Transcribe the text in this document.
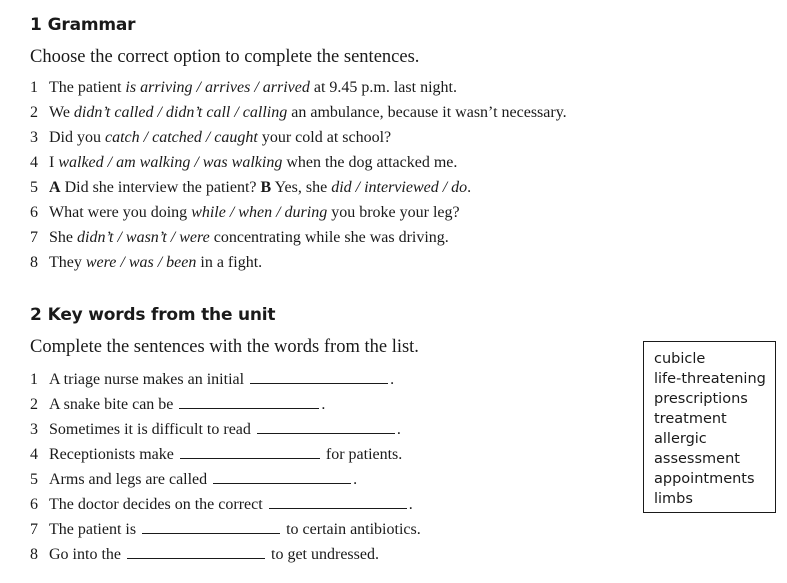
1 Grammar
Choose the correct option to complete the sentences.
1 The patient is arriving / arrives / arrived at 9.45 p.m. last night.
2 We didn’t called / didn’t call / calling an ambulance, because it wasn’t necessary.
3 Did you catch / catched / caught your cold at school?
4 I walked / am walking / was walking when the dog attacked me.
5 A Did she interview the patient? B Yes, she did / interviewed / do.
6 What were you doing while / when / during you broke your leg?
7 She didn’t / wasn’t / were concentrating while she was driving.
8 They were / was / been in a fight.
2 Key words from the unit
Complete the sentences with the words from the list.
1 A triage nurse makes an initial	.
2 A snake bite can be	.
3 Sometimes it is difficult to read	.
4 Receptionists make	for patients.
5 Arms and legs are called	.
6 The doctor decides on the correct	.
7 The patient is	to certain antibiotics.
8 Go into the	to get undressed.
cubicle
life-threatening
prescriptions
treatment
allergic
assessment
appointments
limbs
